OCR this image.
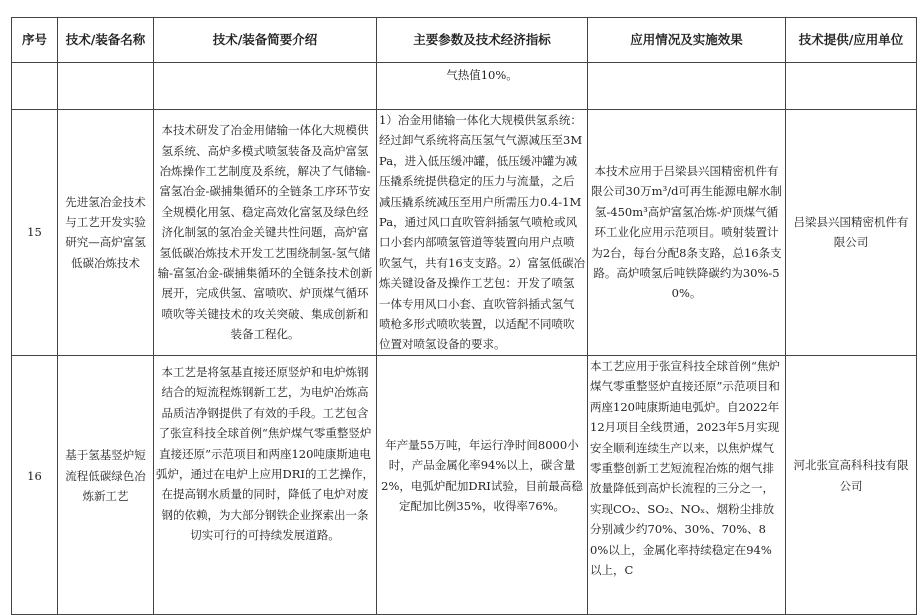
序号	技术/装备名称	技术/装备简要介绍	主要参数及技术经济指标	应用情况及实施效果	技术提供/应用单位
			气热值10%。		
15	先进氢冶金技术与工艺开发实验研究—高炉富氢低碳冶炼技术	本技术研发了冶金用储输一体化大规模供氢系统、高炉多模式喷氢装备及高炉富氢冶炼操作工艺制度及系统，解决了气储输-富氢冶金-碳捕集循环的全链条工序环节安全规模化用氢、稳定高效化富氢及绿色经济化制氢的氢冶金关键共性问题，高炉富氢低碳冶炼技术开发工艺围绕制氢-氢气储输-富氢冶金-碳捕集循环的全链条技术创新展开，完成供氢、富喷吹、炉顶煤气循环喷吹等关键技术的攻关突破、集成创新和装备工程化。	1）冶金用储输一体化大规模供氢系统：经过卸气系统将高压氢气气源减压至3MPa，进入低压缓冲罐，低压缓冲罐为减压撬系统提供稳定的压力与流量，之后减压撬系统减压至用户所需压力0.4-1MPa，通过风口直吹管斜插氢气喷枪或风口小套内部喷氢管道等装置向用户点喷吹氢气，共有16支支路。2）富氢低碳冶炼关键设备及操作工艺包：开发了喷氢一体专用风口小套、直吹管斜插式氢气喷枪多形式喷吹装置，以适配不同喷吹位置对喷氢设备的要求。	本技术应用于吕梁县兴国精密机件有限公司30万m³/d可再生能源电解水制氢-450m³高炉富氢冶炼-炉顶煤气循环工业化应用示范项目。喷射装置计为2台，每台分配8条支路，总16条支路。高炉喷氢后吨铁降碳约为30%-50%。	吕梁县兴国精密机件有限公司
16	基于氢基竖炉短流程低碳绿色冶炼新工艺	本工艺是将氢基直接还原竖炉和电炉炼钢结合的短流程炼钢新工艺，为电炉冶炼高品质洁净钢提供了有效的手段。工艺包含了张宣科技全球首例“焦炉煤气零重整竖炉直接还原”示范项目和两座120吨康斯迪电弧炉，通过在电炉上应用DRI的工艺操作，在提高钢水质量的同时，降低了电炉对废钢的依赖，为大部分钢铁企业探索出一条切实可行的可持续发展道路。	年产量55万吨，年运行净时间8000小时，产品金属化率94%以上，碳含量2%，电弧炉配加DRI试验，目前最高稳定配加比例35%，收得率76%。	本工艺应用于张宣科技全球首例“焦炉煤气零重整竖炉直接还原”示范项目和两座120吨康斯迪电弧炉。自2022年12月项目全线贯通，2023年5月实现安全顺利连续生产以来，以焦炉煤气零重整创新工艺短流程冶炼的烟气排放量降低到高炉长流程的三分之一，实现CO₂、SO₂、NOₓ、烟粉尘排放分别减少约70%、30%、70%、80%以上，金属化率持续稳定在94%以上，C	河北张宣高科科技有限公司
